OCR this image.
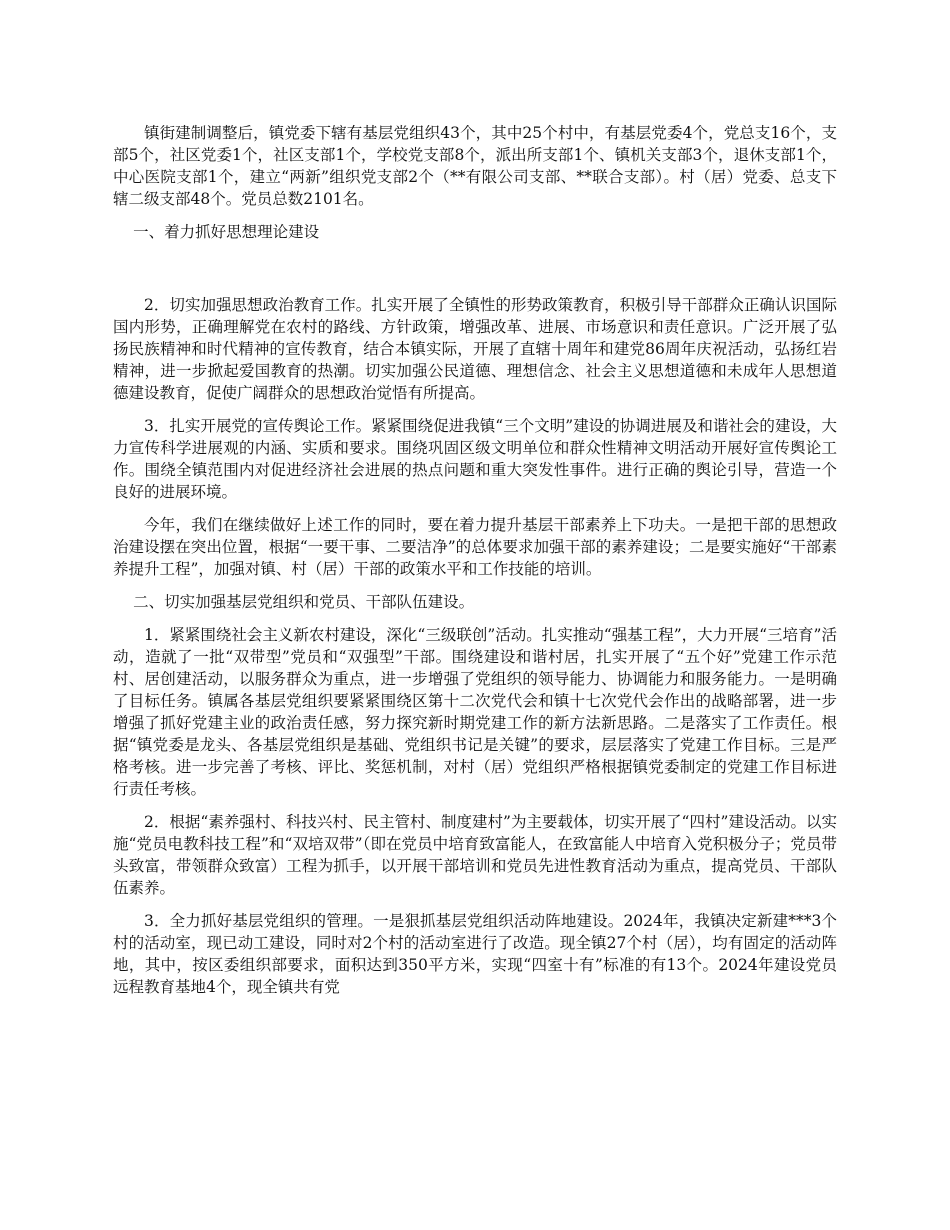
镇街建制调整后，镇党委下辖有基层党组织43个，其中25个村中，有基层党委4个，党总支16个，支部5个，社区党委1个，社区支部1个，学校党支部8个，派出所支部1个、镇机关支部3个，退休支部1个，中心医院支部1个，建立“两新”组织党支部2个（**有限公司支部、**联合支部）。村（居）党委、总支下辖二级支部48个。党员总数2101名。

一、着力抓好思想理论建设

2．切实加强思想政治教育工作。扎实开展了全镇性的形势政策教育，积极引导干部群众正确认识国际国内形势，正确理解党在农村的路线、方针政策，增强改革、进展、市场意识和责任意识。广泛开展了弘扬民族精神和时代精神的宣传教育，结合本镇实际，开展了直辖十周年和建党86周年庆祝活动，弘扬红岩精神，进一步掀起爱国教育的热潮。切实加强公民道德、理想信念、社会主义思想道德和未成年人思想道德建设教育，促使广阔群众的思想政治觉悟有所提高。

3．扎实开展党的宣传舆论工作。紧紧围绕促进我镇“三个文明”建设的协调进展及和谐社会的建设，大力宣传科学进展观的内涵、实质和要求。围绕巩固区级文明单位和群众性精神文明活动开展好宣传舆论工作。围绕全镇范围内对促进经济社会进展的热点问题和重大突发性事件。进行正确的舆论引导，营造一个良好的进展环境。

今年，我们在继续做好上述工作的同时，要在着力提升基层干部素养上下功夫。一是把干部的思想政治建设摆在突出位置，根据“一要干事、二要洁净”的总体要求加强干部的素养建设；二是要实施好“干部素养提升工程”，加强对镇、村（居）干部的政策水平和工作技能的培训。

二、切实加强基层党组织和党员、干部队伍建设。

1．紧紧围绕社会主义新农村建设，深化“三级联创”活动。扎实推动“强基工程”，大力开展“三培育”活动，造就了一批“双带型”党员和“双强型”干部。围绕建设和谐村居，扎实开展了“五个好”党建工作示范村、居创建活动，以服务群众为重点，进一步增强了党组织的领导能力、协调能力和服务能力。一是明确了目标任务。镇属各基层党组织要紧紧围绕区第十二次党代会和镇十七次党代会作出的战略部署，进一步增强了抓好党建主业的政治责任感，努力探究新时期党建工作的新方法新思路。二是落实了工作责任。根据“镇党委是龙头、各基层党组织是基础、党组织书记是关键”的要求，层层落实了党建工作目标。三是严格考核。进一步完善了考核、评比、奖惩机制，对村（居）党组织严格根据镇党委制定的党建工作目标进行责任考核。

2．根据“素养强村、科技兴村、民主管村、制度建村”为主要载体，切实开展了“四村”建设活动。以实施“党员电教科技工程”和“双培双带”（即在党员中培育致富能人，在致富能人中培育入党积极分子；党员带头致富，带领群众致富）工程为抓手，以开展干部培训和党员先进性教育活动为重点，提高党员、干部队伍素养。

3．全力抓好基层党组织的管理。一是狠抓基层党组织活动阵地建设。2024年，我镇决定新建***3个村的活动室，现已动工建设，同时对2个村的活动室进行了改造。现全镇27个村（居），均有固定的活动阵地，其中，按区委组织部要求，面积达到350平方米，实现“四室十有”标准的有13个。2024年建设党员远程教育基地4个，现全镇共有党
